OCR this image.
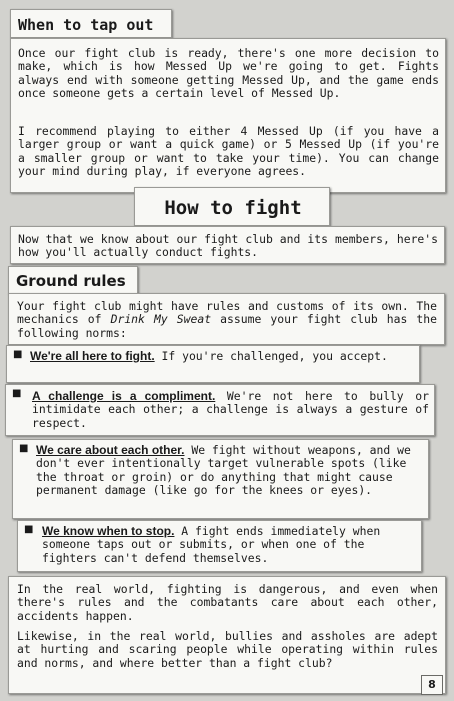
When to tap out

Once our fight club is ready, there's one more decision to make, which is how Messed Up we're going to get. Fights always end with someone getting Messed Up, and the game ends once someone gets a certain level of Messed Up.

I recommend playing to either 4 Messed Up (if you have a larger group or want a quick game) or 5 Messed Up (if you're a smaller group or want to take your time). You can change your mind during play, if everyone agrees.

How to fight

Now that we know about our fight club and its members, here's how you'll actually conduct fights.

Ground rules

Your fight club might have rules and customs of its own. The mechanics of Drink My Sweat assume your fight club has the following norms:

■ We're all here to fight. If you're challenged, you accept.

■ A challenge is a compliment. We're not here to bully or intimidate each other; a challenge is always a gesture of respect.

■ We care about each other. We fight without weapons, and we don't ever intentionally target vulnerable spots (like the throat or groin) or do anything that might cause permanent damage (like go for the knees or eyes).

■ We know when to stop. A fight ends immediately when someone taps out or submits, or when one of the fighters can't defend themselves.

In the real world, fighting is dangerous, and even when there's rules and the combatants care about each other, accidents happen.

Likewise, in the real world, bullies and assholes are adept at hurting and scaring people while operating within rules and norms, and where better than a fight club?

8
